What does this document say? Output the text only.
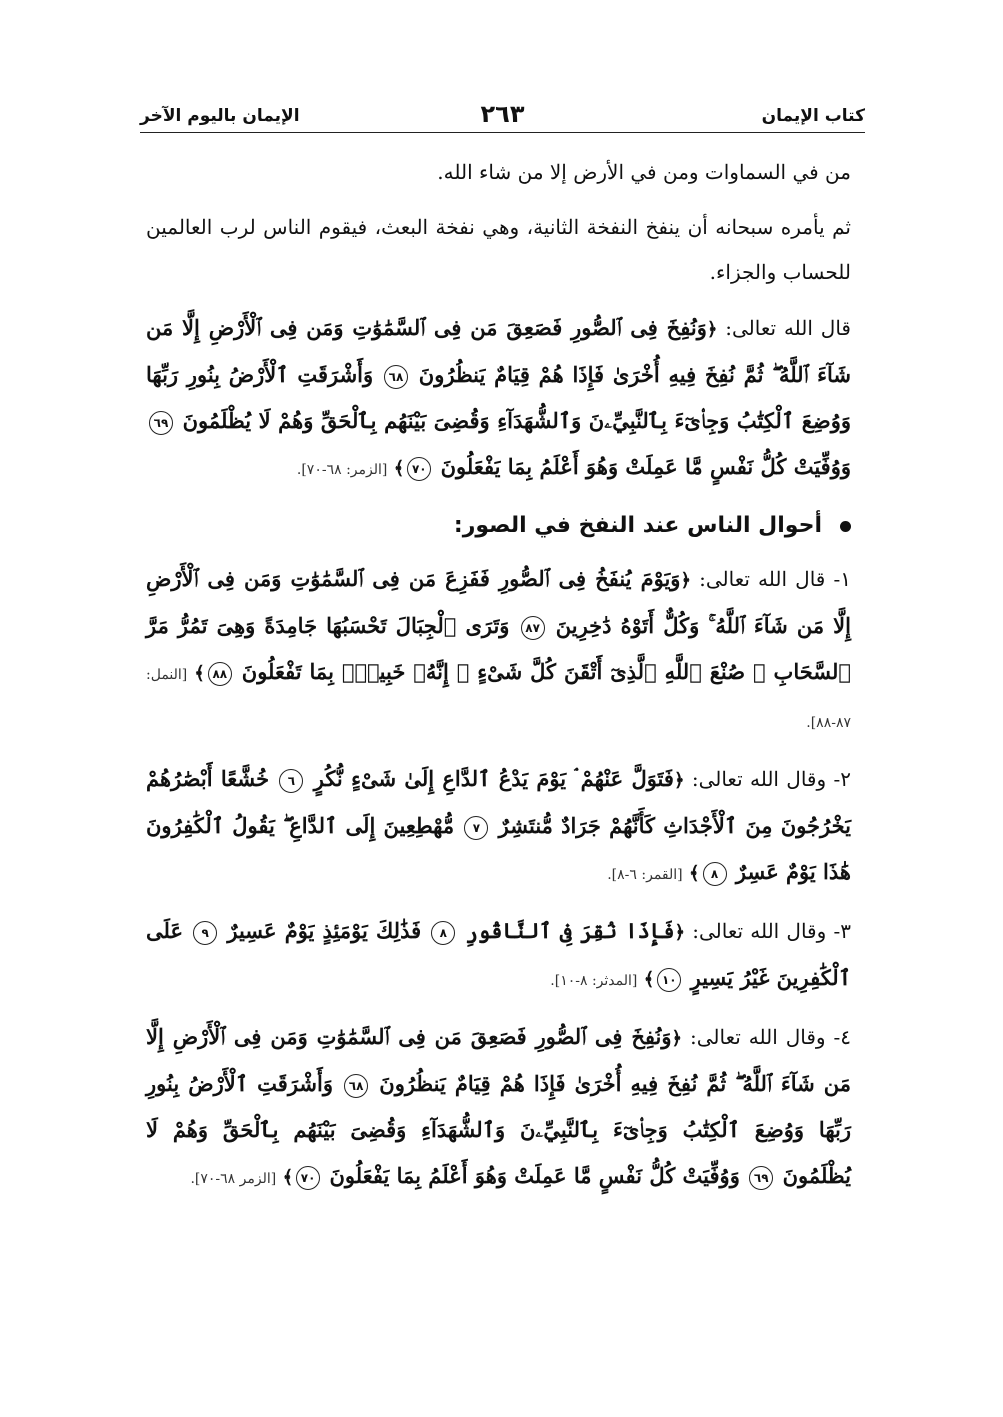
كتاب الإيمان
٢٦٣
الإيمان باليوم الآخر

من في السماوات ومن في الأرض إلا من شاء الله.

ثم يأمره سبحانه أن ينفخ النفخة الثانية، وهي نفخة البعث، فيقوم الناس لرب العالمين للحساب والجزاء.

قال الله تعالى: ﴿وَنُفِخَ فِى ٱلصُّورِ فَصَعِقَ مَن فِى ٱلسَّمَٰوَٰتِ وَمَن فِى ٱلْأَرْضِ إِلَّا مَن شَآءَ ٱللَّهُ ۖ ثُمَّ نُفِخَ فِيهِ أُخْرَىٰ فَإِذَا هُمْ قِيَامٌ يَنظُرُونَ ٦٨ وَأَشْرَقَتِ ٱلْأَرْضُ بِنُورِ رَبِّهَا وَوُضِعَ ٱلْكِتَٰبُ وَجِا۟ىٓءَ بِٱلنَّبِيِّۦنَ وَٱلشُّهَدَآءِ وَقُضِىَ بَيْنَهُم بِٱلْحَقِّ وَهُمْ لَا يُظْلَمُونَ ٦٩ وَوُفِّيَتْ كُلُّ نَفْسٍ مَّا عَمِلَتْ وَهُوَ أَعْلَمُ بِمَا يَفْعَلُونَ ٧٠﴾ [الزمر: ٦٨-٧٠].

أحوال الناس عند النفخ في الصور:

١- قال الله تعالى: ﴿وَيَوْمَ يُنفَخُ فِى ٱلصُّورِ فَفَزِعَ مَن فِى ٱلسَّمَٰوَٰتِ وَمَن فِى ٱلْأَرْضِ إِلَّا مَن شَآءَ ٱللَّهُ ۚ وَكُلٌّ أَتَوْهُ دَٰخِرِينَ ٨٧ وَتَرَى ٱلْجِبَالَ تَحْسَبُهَا جَامِدَةً وَهِىَ تَمُرُّ مَرَّ ٱلسَّحَابِ ۚ صُنْعَ ٱللَّهِ ٱلَّذِىٓ أَتْقَنَ كُلَّ شَىْءٍ ۚ إِنَّهُۥ خَبِيرٌۢ بِمَا تَفْعَلُونَ ٨٨﴾ [النمل: ٨٧-٨٨].

٢- وقال الله تعالى: ﴿فَتَوَلَّ عَنْهُمْ ۘ يَوْمَ يَدْعُ ٱلدَّاعِ إِلَىٰ شَىْءٍ نُّكُرٍ ٦ خُشَّعًا أَبْصَٰرُهُمْ يَخْرُجُونَ مِنَ ٱلْأَجْدَاثِ كَأَنَّهُمْ جَرَادٌ مُّنتَشِرٌ ٧ مُّهْطِعِينَ إِلَى ٱلدَّاعِ ۖ يَقُولُ ٱلْكَٰفِرُونَ هَٰذَا يَوْمٌ عَسِرٌ ٨﴾ [القمر: ٦-٨].

٣- وقال الله تعالى: ﴿فَإِذَا نُقِرَ فِى ٱلنَّاقُورِ ٨ فَذَٰلِكَ يَوْمَئِذٍ يَوْمٌ عَسِيرٌ ٩ عَلَى ٱلْكَٰفِرِينَ غَيْرُ يَسِيرٍ ١٠﴾ [المدثر: ٨-١٠].

٤- وقال الله تعالى: ﴿وَنُفِخَ فِى ٱلصُّورِ فَصَعِقَ مَن فِى ٱلسَّمَٰوَٰتِ وَمَن فِى ٱلْأَرْضِ إِلَّا مَن شَآءَ ٱللَّهُ ۖ ثُمَّ نُفِخَ فِيهِ أُخْرَىٰ فَإِذَا هُمْ قِيَامٌ يَنظُرُونَ ٦٨ وَأَشْرَقَتِ ٱلْأَرْضُ بِنُورِ رَبِّهَا وَوُضِعَ ٱلْكِتَٰبُ وَجِا۟ىٓءَ بِٱلنَّبِيِّۦنَ وَٱلشُّهَدَآءِ وَقُضِىَ بَيْنَهُم بِٱلْحَقِّ وَهُمْ لَا يُظْلَمُونَ ٦٩ وَوُفِّيَتْ كُلُّ نَفْسٍ مَّا عَمِلَتْ وَهُوَ أَعْلَمُ بِمَا يَفْعَلُونَ ٧٠﴾ [الزمر ٦٨-٧٠].
